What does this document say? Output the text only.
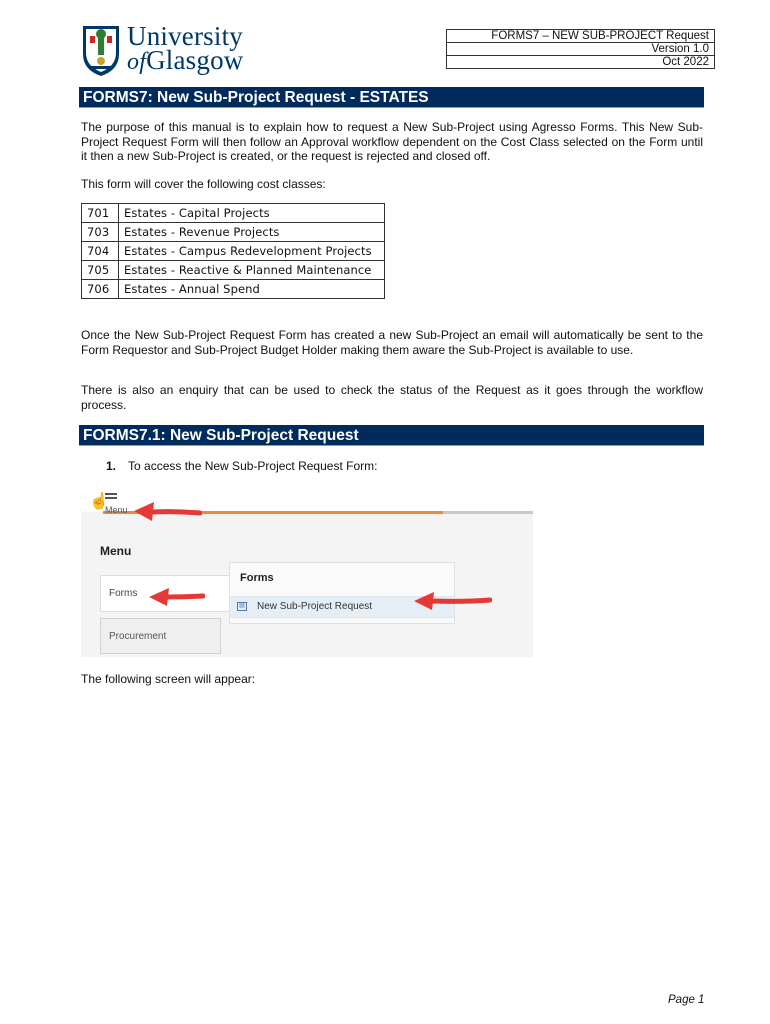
University
ofGlasgow
FORMS7 – NEW SUB-PROJECT Request
Version 1.0
Oct 2022
FORMS7: New Sub-Project Request - ESTATES

The purpose of this manual is to explain how to request a New Sub-Project using Agresso Forms. This New Sub-Project Request Form will then follow an Approval workflow dependent on the Cost Class selected on the Form until it then a new Sub-Project is created, or the request is rejected and closed off.

This form will cover the following cost classes:

701	Estates - Capital Projects
703	Estates - Revenue Projects
704	Estates - Campus Redevelopment Projects
705	Estates - Reactive & Planned Maintenance
706	Estates - Annual Spend

Once the New Sub-Project Request Form has created a new Sub-Project an email will automatically be sent to the Form Requestor and Sub-Project Budget Holder making them aware the Sub-Project is available to use.

There is also an enquiry that can be used to check the status of the Request as it goes through the workflow process.

FORMS7.1: New Sub-Project Request
1. To access the New Sub-Project Request Form:
Menu
☝
Menu
Forms
Procurement
Forms
▤ New Sub-Project Request

The following screen will appear:

Page 1
